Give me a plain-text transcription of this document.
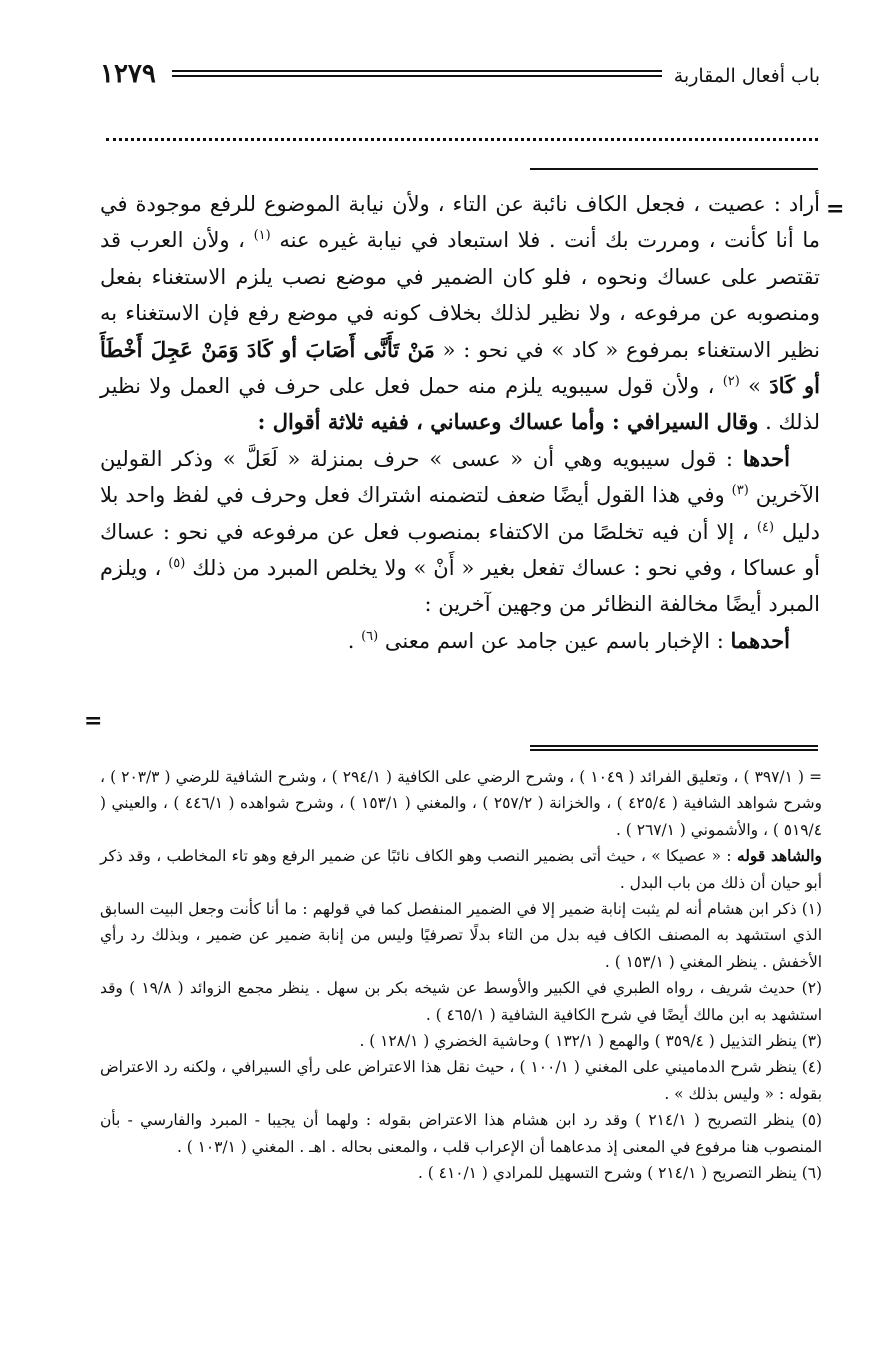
باب أفعال المقاربة
١٢٧٩
=

أراد : عصيت ، فجعل الكاف نائبة عن التاء ، ولأن نيابة الموضوع للرفع موجودة في ما أنا كأنت ، ومررت بك أنت . فلا استبعاد في نيابة غيره عنه $^{(١)}$ ، ولأن العرب قد تقتصر على عساك ونحوه ، فلو كان الضمير في موضع نصب يلزم الاستغناء بفعل ومنصوبه عن مرفوعه ، ولا نظير لذلك بخلاف كونه في موضع رفع فإن الاستغناء به نظير الاستغناء بمرفوع « كاد » في نحو : « مَنْ تَأَنَّى أَصَابَ أو كَادَ وَمَنْ عَجِلَ أَخْطَأَ أو كَادَ » $^{(٢)}$ ، ولأن قول سيبويه يلزم منه حمل فعل على حرف في العمل ولا نظير لذلك . وقال السيرافي : وأما عساك وعساني ، ففيه ثلاثة أقوال :

أحدها : قول سيبويه وهي أن « عسى » حرف بمنزلة « لَعَلَّ » وذكر القولين الآخرين $^{(٣)}$ وفي هذا القول أيضًا ضعف لتضمنه اشتراك فعل وحرف في لفظ واحد بلا دليل $^{(٤)}$ ، إلا أن فيه تخلصًا من الاكتفاء بمنصوب فعل عن مرفوعه في نحو : عساك أو عساكا ، وفي نحو : عساك تفعل بغير « أَنْ » ولا يخلص المبرد من ذلك $^{(٥)}$ ، ويلزم المبرد أيضًا مخالفة النظائر من وجهين آخرين :

أحدهما : الإخبار باسم عين جامد عن اسم معنى $^{(٦)}$ .

=

= ( ٣٩٧/١ ) ، وتعليق الفرائد ( ١٠٤٩ ) ، وشرح الرضي على الكافية ( ٢٩٤/١ ) ، وشرح الشافية للرضي ( ٢٠٣/٣ ) ، وشرح شواهد الشافية ( ٤٢٥/٤ ) ، والخزانة ( ٢٥٧/٢ ) ، والمغني ( ١٥٣/١ ) ، وشرح شواهده ( ٤٤٦/١ ) ، والعيني ( ٥١٩/٤ ) ، والأشموني ( ٢٦٧/١ ) .

والشاهد قوله : « عصيكا » ، حيث أتى بضمير النصب وهو الكاف نائبًا عن ضمير الرفع وهو تاء المخاطب ، وقد ذكر أبو حيان أن ذلك من باب البدل .

(١) ذكر ابن هشام أنه لم يثبت إنابة ضمير إلا في الضمير المنفصل كما في قولهم : ما أنا كأنت وجعل البيت السابق الذي استشهد به المصنف الكاف فيه بدل من التاء بدلًا تصرفيًا وليس من إنابة ضمير عن ضمير ، وبذلك رد رأي الأخفش . ينظر المغني ( ١٥٣/١ ) .

(٢) حديث شريف ، رواه الطبري في الكبير والأوسط عن شيخه بكر بن سهل . ينظر مجمع الزوائد ( ١٩/٨ ) وقد استشهد به ابن مالك أيضًا في شرح الكافية الشافية ( ٤٦٥/١ ) .

(٣) ينظر التذييل ( ٣٥٩/٤ ) والهمع ( ١٣٢/١ ) وحاشية الخضري ( ١٢٨/١ ) .

(٤) ينظر شرح الدماميني على المغني ( ١٠٠/١ ) ، حيث نقل هذا الاعتراض على رأي السيرافي ، ولكنه رد الاعتراض بقوله : « وليس بذلك » .

(٥) ينظر التصريح ( ٢١٤/١ ) وقد رد ابن هشام هذا الاعتراض بقوله : ولهما أن يجيبا - المبرد والفارسي - بأن المنصوب هنا مرفوع في المعنى إذ مدعاهما أن الإعراب قلب ، والمعنى بحاله . اهـ . المغني ( ١٠٣/١ ) .

(٦) ينظر التصريح ( ٢١٤/١ ) وشرح التسهيل للمرادي ( ٤١٠/١ ) .
